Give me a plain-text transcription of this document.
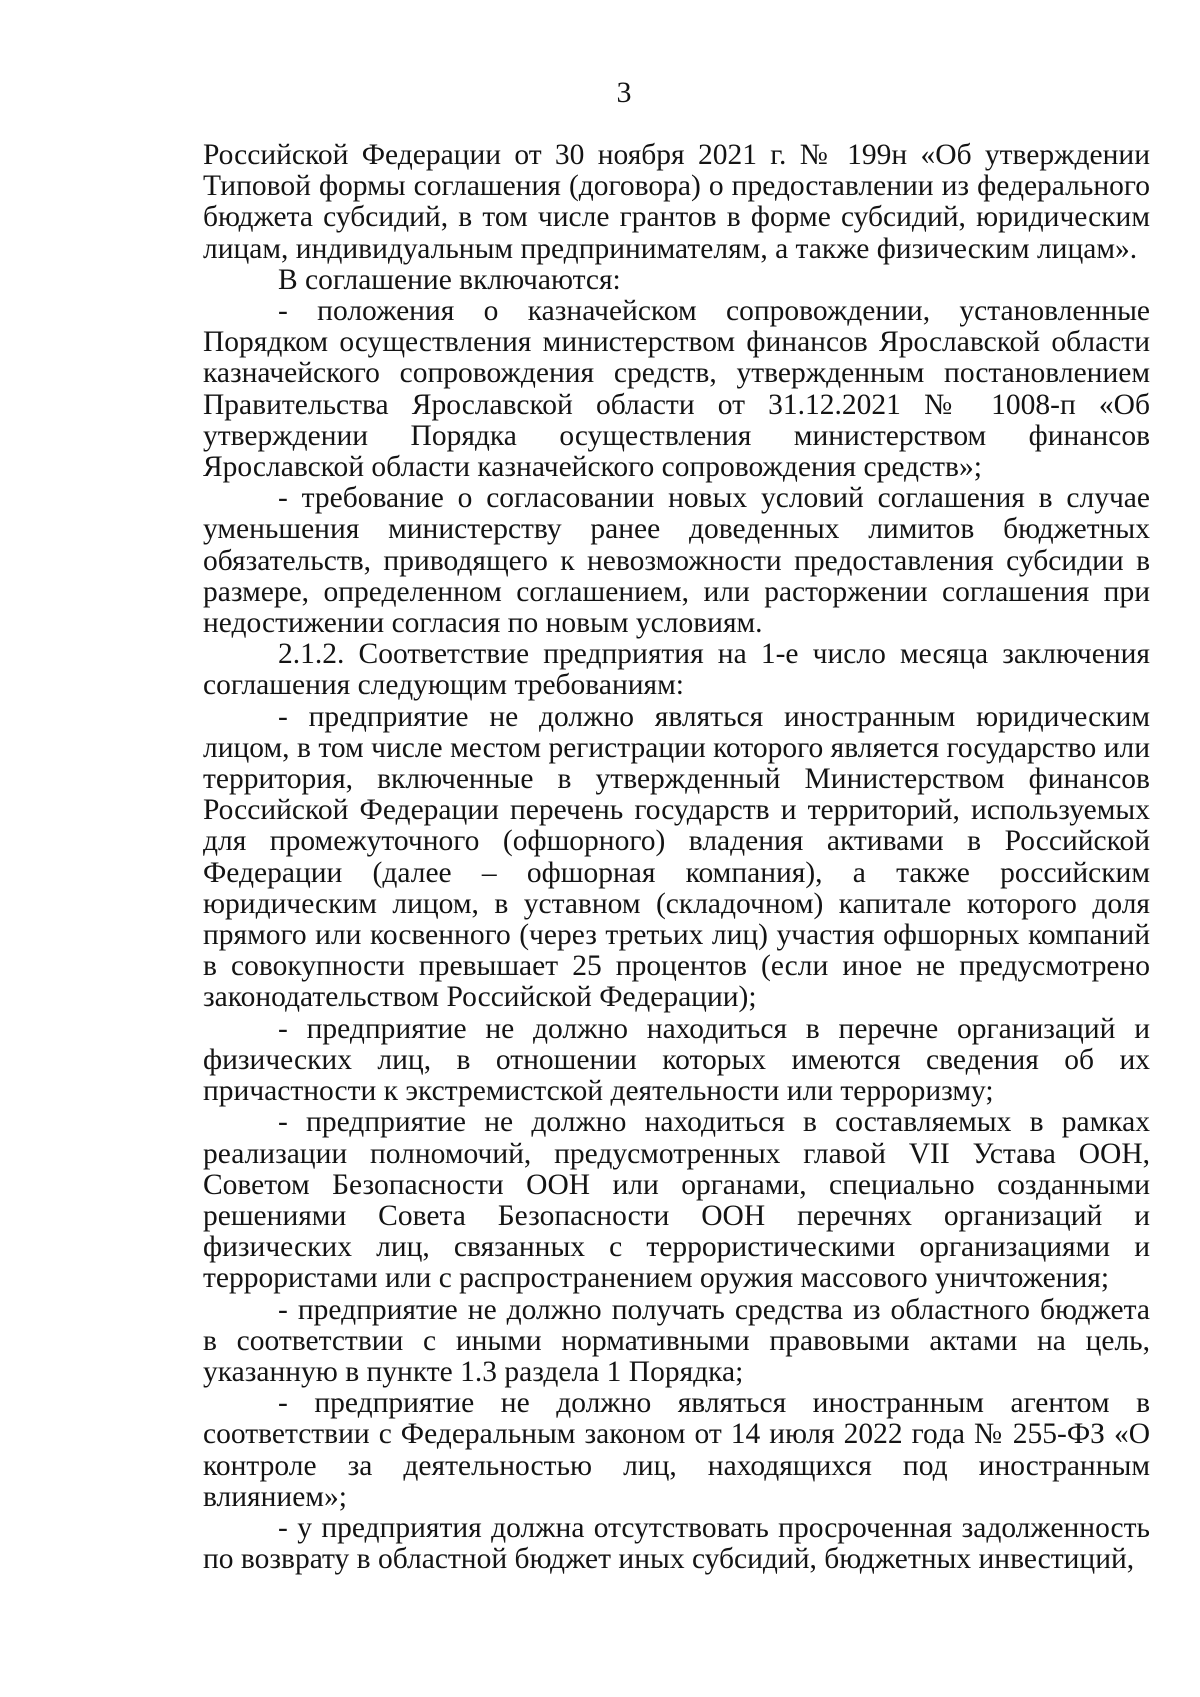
3

Российской Федерации от 30 ноября 2021 г. № 199н «Об утверждении Типовой формы соглашения (договора) о предоставлении из федерального бюджета субсидий, в том числе грантов в форме субсидий, юридическим лицам, индивидуальным предпринимателям, а также физическим лицам».

В соглашение включаются:

- положения о казначейском сопровождении, установленные Порядком осуществления министерством финансов Ярославской области казначейского сопровождения средств, утвержденным постановлением Правительства Ярославской области от 31.12.2021 № 1008-п «Об утверждении Порядка осуществления министерством финансов Ярославской области казначейского сопровождения средств»;

- требование о согласовании новых условий соглашения в случае уменьшения министерству ранее доведенных лимитов бюджетных обязательств, приводящего к невозможности предоставления субсидии в размере, определенном соглашением, или расторжении соглашения при недостижении согласия по новым условиям.

2.1.2. Соответствие предприятия на 1-е число месяца заключения соглашения следующим требованиям:

- предприятие не должно являться иностранным юридическим лицом, в том числе местом регистрации которого является государство или территория, включенные в утвержденный Министерством финансов Российской Федерации перечень государств и территорий, используемых для промежуточного (офшорного) владения активами в Российской Федерации (далее – офшорная компания), а также российским юридическим лицом, в уставном (складочном) капитале которого доля прямого или косвенного (через третьих лиц) участия офшорных компаний в совокупности превышает 25 процентов (если иное не предусмотрено законодательством Российской Федерации);

- предприятие не должно находиться в перечне организаций и физических лиц, в отношении которых имеются сведения об их причастности к экстремистской деятельности или терроризму;

- предприятие не должно находиться в составляемых в рамках реализации полномочий, предусмотренных главой VII Устава ООН, Советом Безопасности ООН или органами, специально созданными решениями Совета Безопасности ООН перечнях организаций и физических лиц, связанных с террористическими организациями и террористами или с распространением оружия массового уничтожения;

- предприятие не должно получать средства из областного бюджета в соответствии с иными нормативными правовыми актами на цель, указанную в пункте 1.3 раздела 1 Порядка;

- предприятие не должно являться иностранным агентом в соответствии с Федеральным законом от 14 июля 2022 года № 255-ФЗ «О контроле за деятельностью лиц, находящихся под иностранным влиянием»;

- у предприятия должна отсутствовать просроченная задолженность по возврату в областной бюджет иных субсидий, бюджетных инвестиций,
